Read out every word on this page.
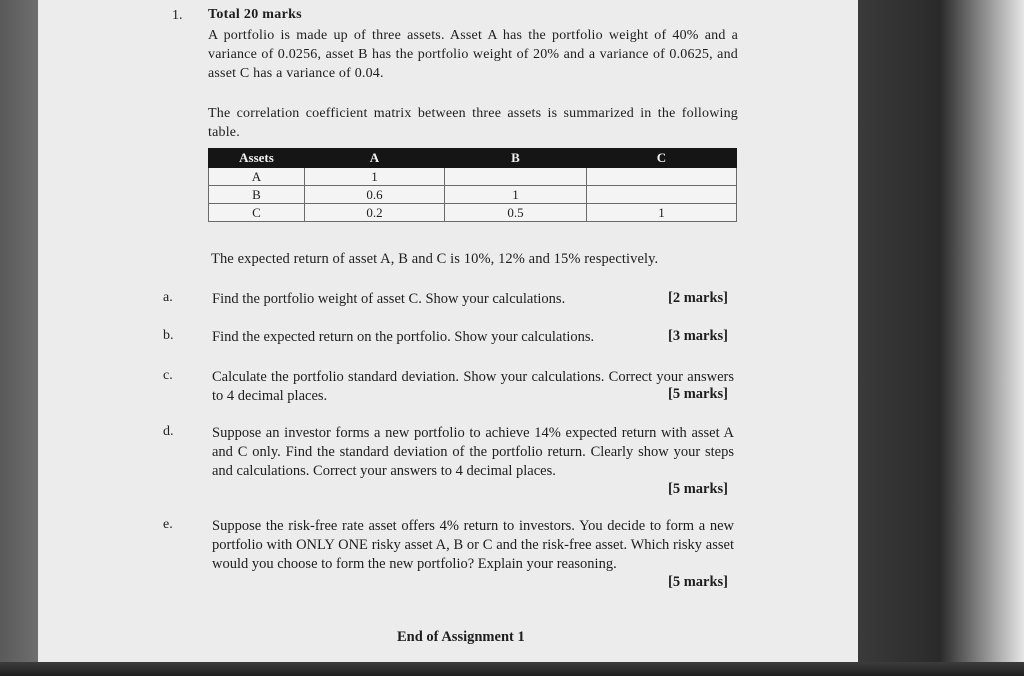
1. Total 20 marks
A portfolio is made up of three assets. Asset A has the portfolio weight of 40% and a variance of 0.0256, asset B has the portfolio weight of 20% and a variance of 0.0625, and asset C has a variance of 0.04.
The correlation coefficient matrix between three assets is summarized in the following table.
Assets	A	B	C
A	1		
B	0.6	1	
C	0.2	0.5	1
The expected return of asset A, B and C is 10%, 12% and 15% respectively.
a.	Find the portfolio weight of asset C. Show your calculations.	[2 marks]
b.	Find the expected return on the portfolio. Show your calculations.	[3 marks]
c.	Calculate the portfolio standard deviation. Show your calculations. Correct your answers to 4 decimal places.	[5 marks]
d.	Suppose an investor forms a new portfolio to achieve 14% expected return with asset A and C only. Find the standard deviation of the portfolio return. Clearly show your steps and calculations. Correct your answers to 4 decimal places.
[5 marks]
e.	Suppose the risk-free rate asset offers 4% return to investors. You decide to form a new portfolio with ONLY ONE risky asset A, B or C and the risk-free asset. Which risky asset would you choose to form the new portfolio? Explain your reasoning.
[5 marks]
End of Assignment 1
